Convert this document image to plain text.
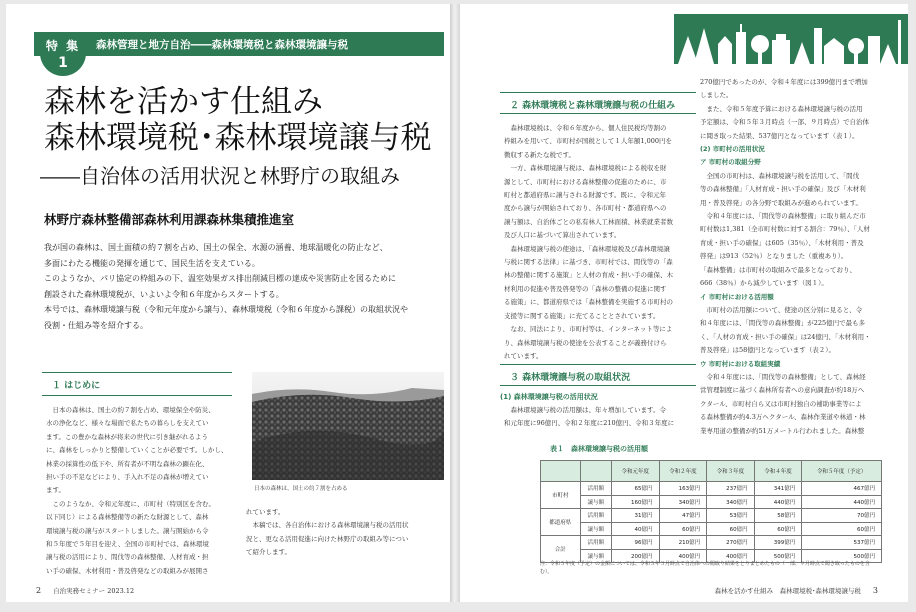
特 集
1
森林管理と地方自治――森林環境税と森林環境譲与税
森林を活かす仕組み
森林環境税･森林環境譲与税
――自治体の活用状況と林野庁の取組み
林野庁森林整備部森林利用課森林集積推進室

我が国の森林は、国土面積の約７割を占め、国土の保全、水源の涵養、地球温暖化の防止など、

多面にわたる機能の発揮を通じて、国民生活を支えている。

このようなか、パリ協定の枠組みの下、温室効果ガス排出削減目標の達成や災害防止を図るために

創設された森林環境税が、いよいよ令和６年度からスタートする。

本号では、森林環境譲与税（令和元年度から譲与）、森林環境税（令和６年度から課税）の取組状況や

役割・仕組み等を紹介する。

１ はじめに

　日本の森林は、国土の約７割を占め、環境保全や防災、

水の浄化など、様々な場面で私たちの暮らしを支えてい

ます。この豊かな森林が将来の世代に引き継がれるよう

に、森林をしっかりと整備していくことが必要です。しかし、

林業の採算性の低下や、所有者が不明な森林の顕在化、

担い手の不足などにより、手入れ不足の森林が増えてい

ます。

　このようなか、令和元年度に、市町村（特別区を含む。

以下同じ）による森林整備等の新たな財源として、森林

環境譲与税の譲与がスタートしました。譲与開始から令

和５年度で５年目を迎え、全国の市町村では、森林環境

譲与税の活用により、間伐等の森林整備、人材育成・担

い手の確保、木材利用・普及啓発などの取組みが展開さ

日本の森林は、国土の約７割を占める

れています。

　本稿では、各自治体における森林環境譲与税の活用状

況と、更なる活用促進に向けた林野庁の取組み等につい

て紹介します。

2 自治実務セミナー 2023.12
２ 森林環境税と森林環境譲与税の仕組み

　森林環境税は、令和６年度から、個人住民税均等割の

枠組みを用いて、市町村が国税として１人年額1,000円を

徴収する新たな税です。

　一方、森林環境譲与税は、森林環境税による税収を財

源として、市町村における森林整備の促進のために、市

町村と都道府県に譲与される財源です。既に、令和元年

度から譲与が開始されており、各市町村・都道府県への

譲与額は、自治体ごとの私有林人工林面積、林業就業者数

及び人口に基づいて算出されています。

　森林環境譲与税の使途は、「森林環境税及び森林環境譲

与税に関する法律」に基づき、市町村では、間伐等の「森

林の整備に関する施策」と人材の育成・担い手の確保、木

材利用の促進や普及啓発等の「森林の整備の促進に関す

る施策」に、都道府県では「森林整備を実施する市町村の

支援等に関する施策」に充てることとされています。

　なお、同法により、市町村等は、インターネット等によ

り、森林環境譲与税の使途を公表することが義務付けら

れています。

270億円であったのが、令和４年度には399億円まで増加

しました。

　また、令和５年度予算における森林環境譲与税の活用

予定額は、令和５年３月時点（一部、９月時点）で自治体

に聞き取った結果、537億円となっています（表１）。

(2) 市町村の活用状況

ア 市町村の取組分野

　全国の市町村は、森林環境譲与税を活用して、「間伐

等の森林整備」「人材育成・担い手の確保」及び「木材利

用・普及啓発」の各分野で取組みが進められています。

　令和４年度には、「間伐等の森林整備」に取り組んだ市

町村数は1,381（全市町村数に対する割合：79％）、「人材

育成・担い手の確保」は605（35％）、「木材利用・普及

啓発」は913（52％）となりました（重複あり）。

「森林整備」は市町村の取組みで最多となっており、

666（38％）から減少しています（図１）。

イ 市町村における活用額

　市町村の活用額について、使途の区分別に見ると、令

和４年度には、「間伐等の森林整備」が225億円で最も多

く、「人材の育成・担い手の確保」は24億円、「木材利用・

普及啓発」は58億円となっています（表２）。

ウ 市町村における取組実績

　令和４年度には、「間伐等の森林整備」として、森林経

営管理制度に基づく森林所有者への意向調査が約18万へ

クタール、市町村自ら又は市町村独自の補助事業等によ

る森林整備が約4.3万ヘクタール、森林作業道や林道・林

業専用道の整備が約51万メートル行われました。森林整

３ 森林環境譲与税の取組状況
(1) 森林環境譲与税の活用状況

　森林環境譲与税の活用額は、年々増加しています。令

和元年度に96億円、令和２年度に210億円、令和３年度に

表１　森林環境譲与税の活用額
		令和元年度	令和２年度	令和３年度	令和４年度	令和５年度（予定）
市町村	活用額	65億円	163億円	237億円	341億円	467億円
	譲与額	160億円	340億円	340億円	440億円	440億円
都道府県	活用額	31億円	47億円	53億円	58億円	70億円
	譲与額	40億円	60億円	60億円	60億円	60億円
合計	活用額	96億円	210億円	270億円	399億円	537億円
	譲与額	200億円	400億円	400億円	500億円	500億円
注：令和５年度（予定）の金額については、令和５年３月時点で自治体への聞取り結果をとりまとめたもの（一部、９月時点で聞き取ったものを含む）。
森林を活かす仕組み　森林環境税･森林環境譲与税 3
